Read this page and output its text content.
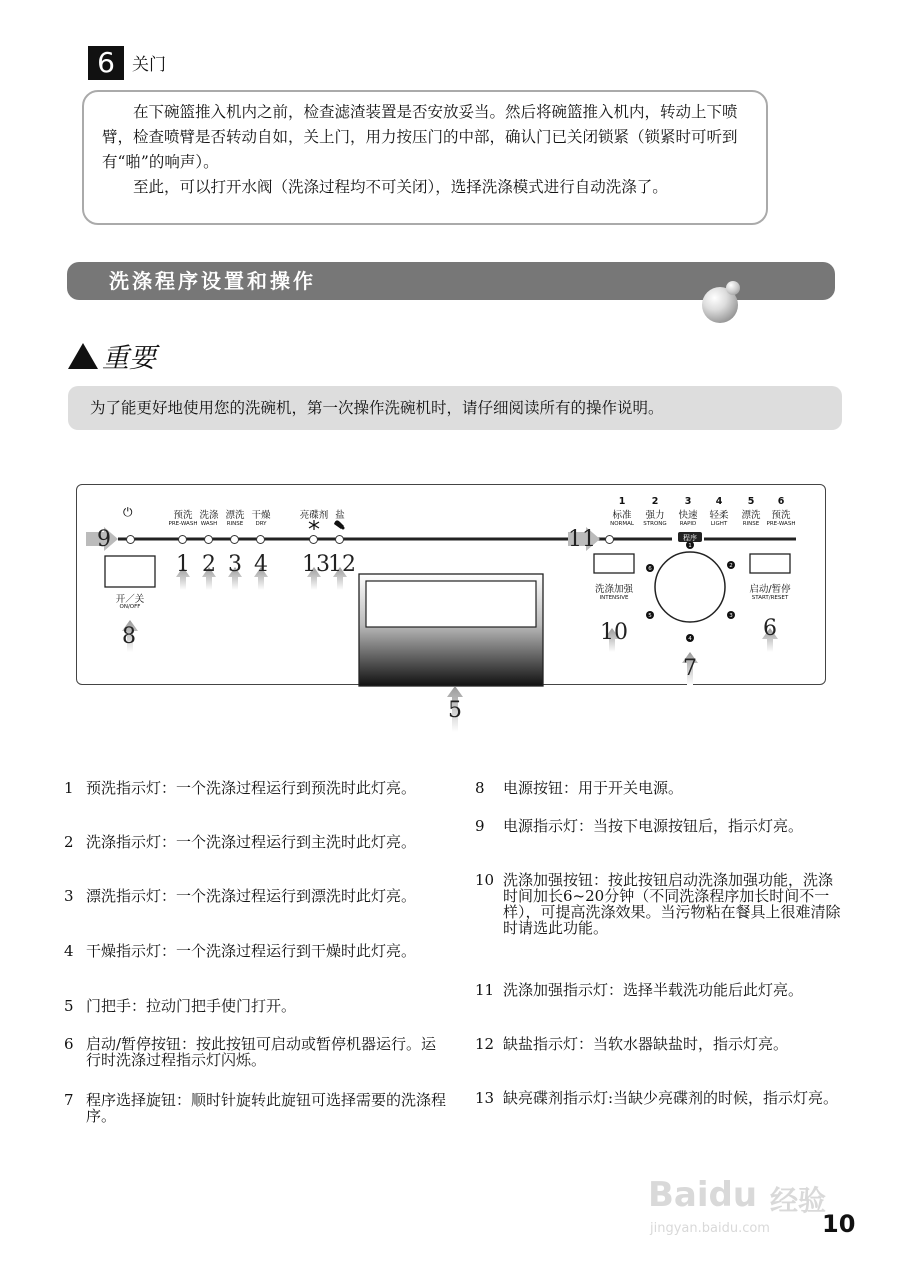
6	关门

在下碗篮推入机内之前，检查滤渣装置是否安放妥当。然后将碗篮推入机内，转动上下喷臂，检查喷臂是否转动自如，关上门，用力按压门的中部，确认门已关闭锁紧（锁紧时可听到有“啪”的响声）。

至此，可以打开水阀（洗涤过程均不可关闭），选择洗涤模式进行自动洗涤了。

洗涤程序设置和操作
重要
为了能更好地使用您的洗碗机，第一次操作洗碗机时，请仔细阅读所有的操作说明。
1
2
3
4
5
6
⏻	预洗
PRE-WASH
洗涤
WASH
漂洗
RINSE
干燥
DRY
亮碟剂 盐
1
标准
NORMAL
2
强力
STRONG
3
快速
RAPID
4
轻柔
LIGHT
5
漂洗
RINSE
6
预洗
PRE-WASH
程序
开／关
ON/OFF
洗涤加强
INTENSIVE
启动/暂停
START/RESET
1 2 3 4 13
12
9	11
8	10	6
7
5
1 预洗指示灯：一个洗涤过程运行到预洗时此灯亮。
2 洗涤指示灯：一个洗涤过程运行到主洗时此灯亮。
3 漂洗指示灯：一个洗涤过程运行到漂洗时此灯亮。
4 干燥指示灯：一个洗涤过程运行到干燥时此灯亮。
5 门把手：拉动门把手使门打开。
6 启动/暂停按钮：按此按钮可启动或暂停机器运行。运行时洗涤过程指示灯闪烁。
7 程序选择旋钮：顺时针旋转此旋钮可选择需要的洗涤程序。
8 电源按钮：用于开关电源。
9 电源指示灯：当按下电源按钮后，指示灯亮。
10 洗涤加强按钮：按此按钮启动洗涤加强功能，洗涤时间加长6~20分钟（不同洗涤程序加长时间不一样），可提高洗涤效果。当污物粘在餐具上很难清除时请选此功能。
11 洗涤加强指示灯：选择半载洗功能后此灯亮。
12 缺盐指示灯：当软水器缺盐时，指示灯亮。
13 缺亮碟剂指示灯:当缺少亮碟剂的时候，指示灯亮。
Baidu 经验
jingyan.baidu.com 10
